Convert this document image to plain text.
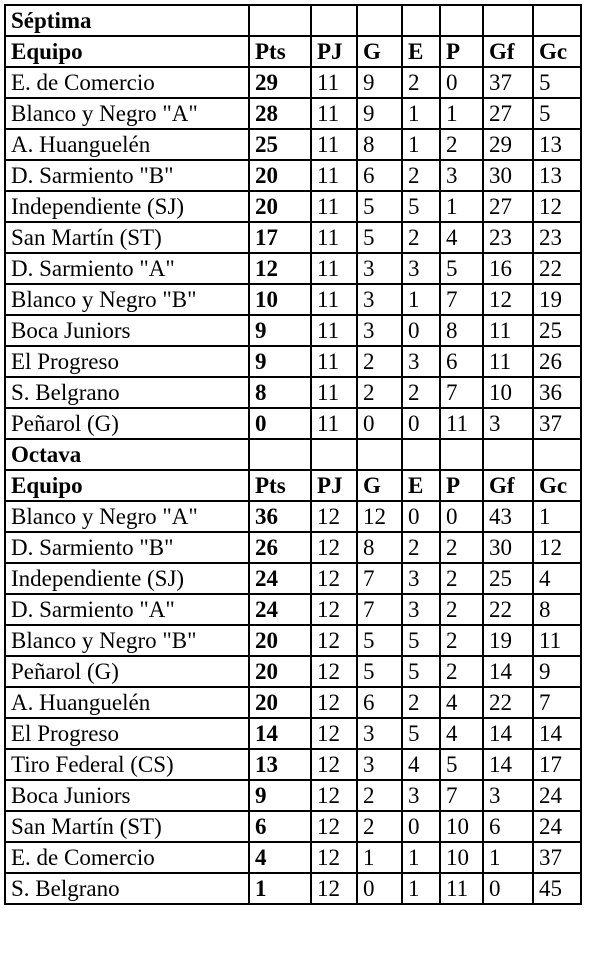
Séptima							
Equipo	Pts	PJ	G	E	P	Gf	Gc
E. de Comercio	29	11	9	2	0	37	5
Blanco y Negro "A"	28	11	9	1	1	27	5
A. Huanguelén	25	11	8	1	2	29	13
D. Sarmiento "B"	20	11	6	2	3	30	13
Independiente (SJ)	20	11	5	5	1	27	12
San Martín (ST)	17	11	5	2	4	23	23
D. Sarmiento "A"	12	11	3	3	5	16	22
Blanco y Negro "B"	10	11	3	1	7	12	19
Boca Juniors	9	11	3	0	8	11	25
El Progreso	9	11	2	3	6	11	26
S. Belgrano	8	11	2	2	7	10	36
Peñarol (G)	0	11	0	0	11	3	37
Octava							
Equipo	Pts	PJ	G	E	P	Gf	Gc
Blanco y Negro "A"	36	12	12	0	0	43	1
D. Sarmiento "B"	26	12	8	2	2	30	12
Independiente (SJ)	24	12	7	3	2	25	4
D. Sarmiento "A"	24	12	7	3	2	22	8
Blanco y Negro "B"	20	12	5	5	2	19	11
Peñarol (G)	20	12	5	5	2	14	9
A. Huanguelén	20	12	6	2	4	22	7
El Progreso	14	12	3	5	4	14	14
Tiro Federal (CS)	13	12	3	4	5	14	17
Boca Juniors	9	12	2	3	7	3	24
San Martín (ST)	6	12	2	0	10	6	24
E. de Comercio	4	12	1	1	10	1	37
S. Belgrano	1	12	0	1	11	0	45
